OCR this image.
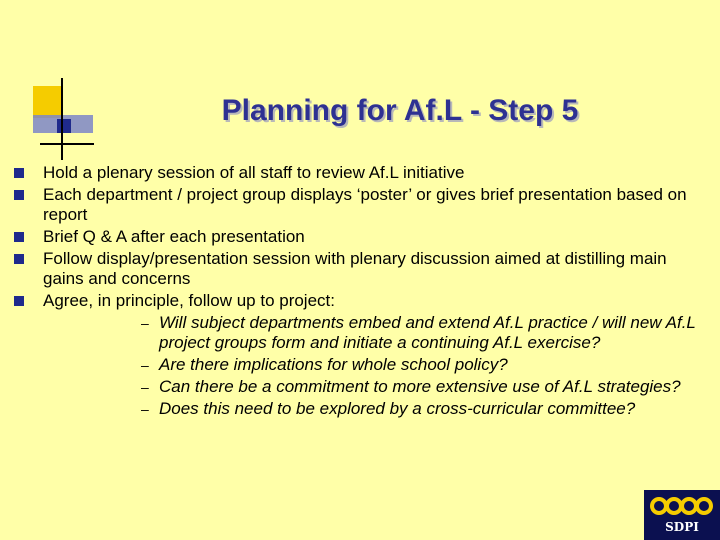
Planning for Af.L - Step 5
Hold a plenary session of all staff to review Af.L initiative
Each department / project group displays ‘poster’ or gives brief presentation based on report
Brief Q & A after each presentation
Follow display/presentation session with plenary discussion aimed at distilling main gains and concerns
Agree, in principle, follow up to project:
– Will subject departments embed and extend Af.L practice / will new Af.L project groups form and initiate a continuing Af.L exercise?
– Are there implications for whole school policy?
– Can there be a commitment to more extensive use of Af.L strategies?
– Does this need to be explored by a cross-curricular committee?
SDPI
